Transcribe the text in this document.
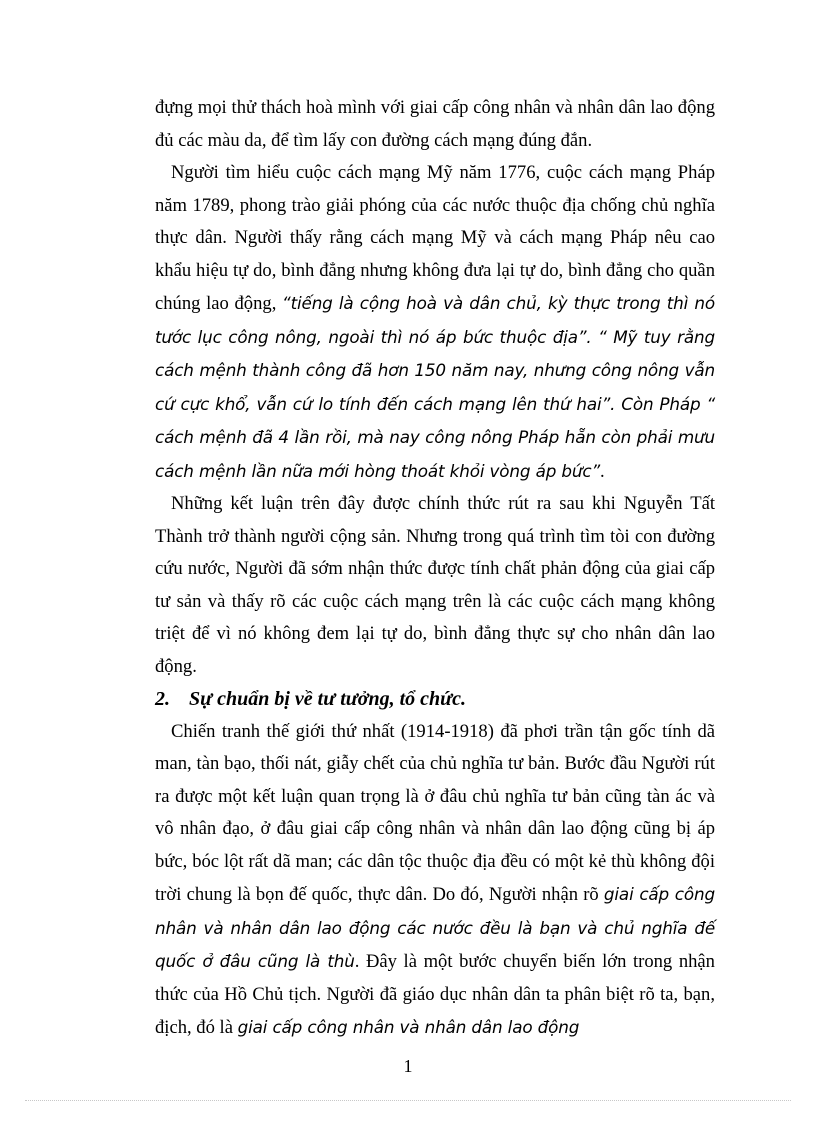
đựng mọi thử thách hoà mình với giai cấp công nhân và nhân dân lao động đủ các màu da, để tìm lấy con đường cách mạng đúng đắn.

Người tìm hiểu cuộc cách mạng Mỹ năm 1776, cuộc cách mạng Pháp năm 1789, phong trào giải phóng của các nước thuộc địa chống chủ nghĩa thực dân. Người thấy rằng cách mạng Mỹ và cách mạng Pháp nêu cao khẩu hiệu tự do, bình đẳng nhưng không đưa lại tự do, bình đẳng cho quần chúng lao động, “tiếng là cộng hoà và dân chủ, kỳ thực trong thì nó tước lục công nông, ngoài thì nó áp bức thuộc địa”. “ Mỹ tuy rằng cách mệnh thành công đã hơn 150 năm nay, nhưng công nông vẫn cứ cực khổ, vẫn cứ lo tính đến cách mạng lên thứ hai”. Còn Pháp “ cách mệnh đã 4 lần rồi, mà nay công nông Pháp hẵn còn phải mưu cách mệnh lần nữa mới hòng thoát khỏi vòng áp bức”.

Những kết luận trên đây được chính thức rút ra sau khi Nguyễn Tất Thành trở thành người cộng sản. Nhưng trong quá trình tìm tòi con đường cứu nước, Người đã sớm nhận thức được tính chất phản động của giai cấp tư sản và thấy rõ các cuộc cách mạng trên là các cuộc cách mạng không triệt để vì nó không đem lại tự do, bình đẳng thực sự cho nhân dân lao động.

2. Sự chuẩn bị về tư tưởng, tổ chức.

Chiến tranh thế giới thứ nhất (1914-1918) đã phơi trần tận gốc tính dã man, tàn bạo, thối nát, giẫy chết của chủ nghĩa tư bản. Bước đầu Người rút ra được một kết luận quan trọng là ở đâu chủ nghĩa tư bản cũng tàn ác và vô nhân đạo, ở đâu giai cấp công nhân và nhân dân lao động cũng bị áp bức, bóc lột rất dã man; các dân tộc thuộc địa đều có một kẻ thù không đội trời chung là bọn đế quốc, thực dân. Do đó, Người nhận rõ giai cấp công nhân và nhân dân lao động các nước đều là bạn và chủ nghĩa đế quốc ở đâu cũng là thù. Đây là một bước chuyển biến lớn trong nhận thức của Hồ Chủ tịch. Người đã giáo dục nhân dân ta phân biệt rõ ta, bạn, địch, đó là giai cấp công nhân và nhân dân lao động

1
